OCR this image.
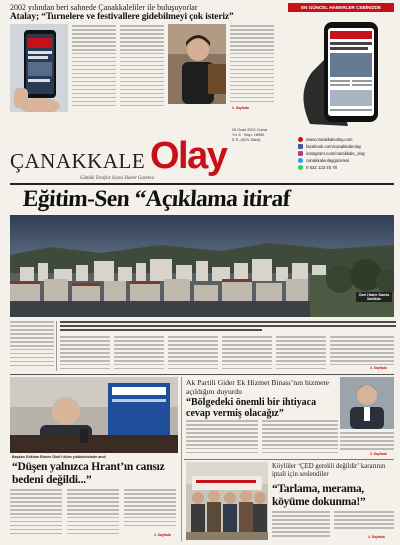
2002 yılından beri sahnede Çanakkaleliler ile buluşuyorlar
Atalay; “Turnelere ve festivallere gidebilmeyi çok isteriz”
2. Sayfada
EN GÜNCEL HABERLER CEBİNİZDE
www.canakkaleolay.com
facebook.com/canakkaleolay
instagram.com/canakkale_olay
canakkaleolaygazetesi
0 532 123 45 78
26 Ocak 2024 Cuma
Yıl: 8 · Sayı: 18990
5 TL (KDV Dahil)
ÇANAKKALE Olay
Günlük Tarafsız Siyasi Haber Gazetesi
Eğitim-Sen “Açıklama itiraf
Özel Haber Damla Sadiklar
4. Sayfada
Başkan Gökhan Birsen Dink’i ölüm yıldönümünde andı
“Düşen yalnızca Hrant’ın cansız bedeni değildi...”
2. Sayfada
Ak Partili Gider Ek Hizmet Binası’nın hizmete açıldığını duyurdu
“Bölgedeki önemli bir ihtiyaca cevap vermiş olacağız”
3. Sayfada
Köylüler ‘ÇED gerekli değildir’ kararının iptali için seslendiler
“Tarlama, merama, köyüme dokunma!”
4. Sayfada
